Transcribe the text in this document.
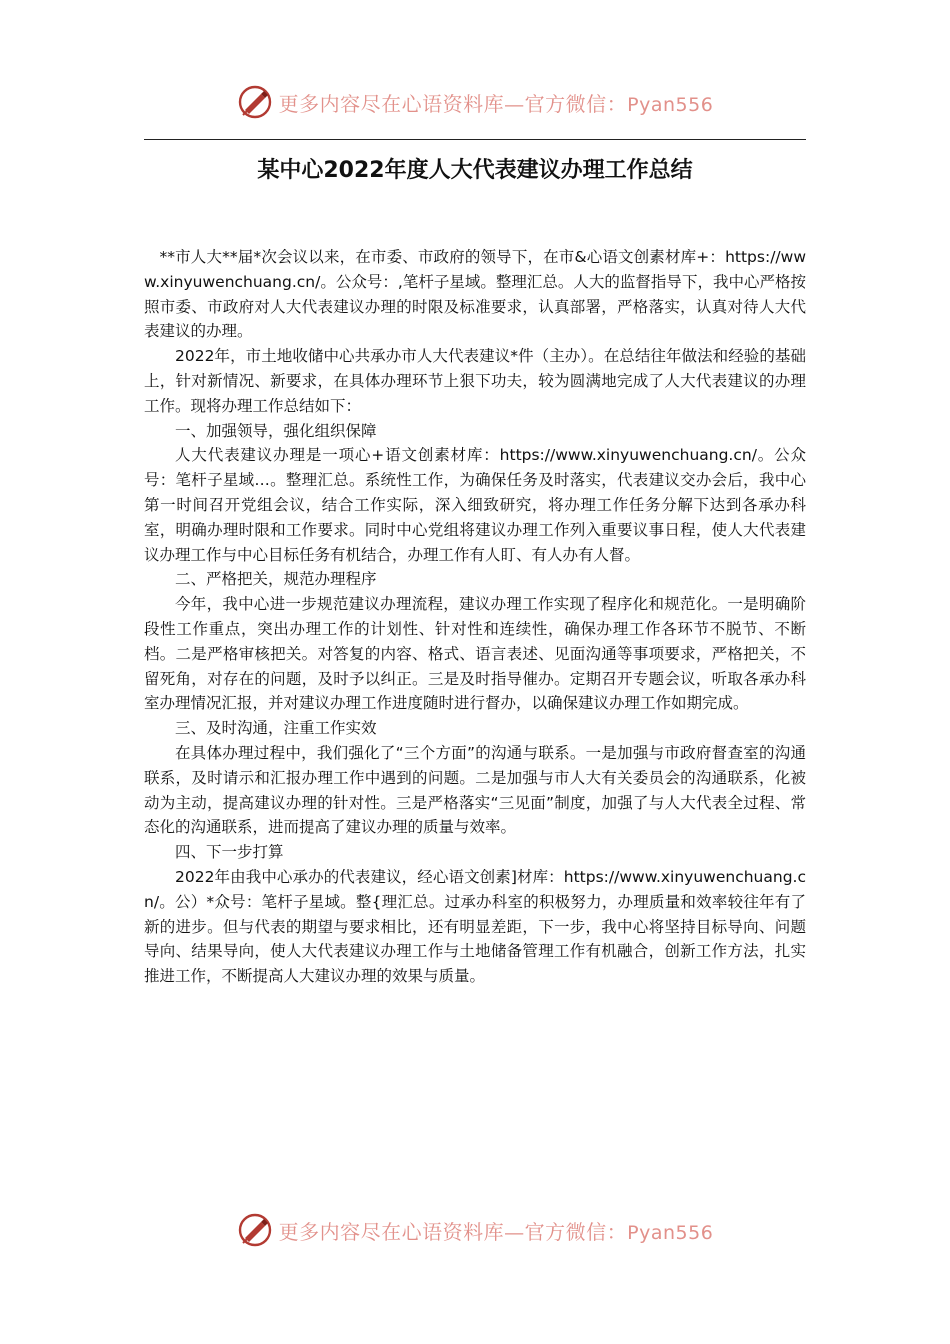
更多内容尽在心语资料库—官方微信：Pyan556
某中心2022年度人大代表建议办理工作总结

**市人大**届*次会议以来，在市委、市政府的领导下，在市&心语文创素材库+：https://www.xinyuwenchuang.cn/。公众号：,笔杆子星域。整理汇总。人大的监督指导下，我中心严格按照市委、市政府对人大代表建议办理的时限及标准要求，认真部署，严格落实，认真对待人大代表建议的办理。

2022年，市土地收储中心共承办市人大代表建议*件（主办）。在总结往年做法和经验的基础上，针对新情况、新要求，在具体办理环节上狠下功夫，较为圆满地完成了人大代表建议的办理工作。现将办理工作总结如下：

一、加强领导，强化组织保障

人大代表建议办理是一项心+语文创素材库：https://www.xinyuwenchuang.cn/。公众号：笔杆子星域…。整理汇总。系统性工作，为确保任务及时落实，代表建议交办会后，我中心第一时间召开党组会议，结合工作实际，深入细致研究，将办理工作任务分解下达到各承办科室，明确办理时限和工作要求。同时中心党组将建议办理工作列入重要议事日程，使人大代表建议办理工作与中心目标任务有机结合，办理工作有人盯、有人办有人督。

二、严格把关，规范办理程序

今年，我中心进一步规范建议办理流程，建议办理工作实现了程序化和规范化。一是明确阶段性工作重点，突出办理工作的计划性、针对性和连续性，确保办理工作各环节不脱节、不断档。二是严格审核把关。对答复的内容、格式、语言表述、见面沟通等事项要求，严格把关，不留死角，对存在的问题，及时予以纠正。三是及时指导催办。定期召开专题会议，听取各承办科室办理情况汇报，并对建议办理工作进度随时进行督办，以确保建议办理工作如期完成。

三、及时沟通，注重工作实效

在具体办理过程中，我们强化了“三个方面”的沟通与联系。一是加强与市政府督查室的沟通联系，及时请示和汇报办理工作中遇到的问题。二是加强与市人大有关委员会的沟通联系，化被动为主动，提高建议办理的针对性。三是严格落实“三见面”制度，加强了与人大代表全过程、常态化的沟通联系，进而提高了建议办理的质量与效率。

四、下一步打算

2022年由我中心承办的代表建议，经心语文创素]材库：https://www.xinyuwenchuang.cn/。公）*众号：笔杆子星域。整{理汇总。过承办科室的积极努力，办理质量和效率较往年有了新的进步。但与代表的期望与要求相比，还有明显差距，下一步，我中心将坚持目标导向、问题导向、结果导向，使人大代表建议办理工作与土地储备管理工作有机融合，创新工作方法，扎实推进工作，不断提高人大建议办理的效果与质量。

更多内容尽在心语资料库—官方微信：Pyan556
